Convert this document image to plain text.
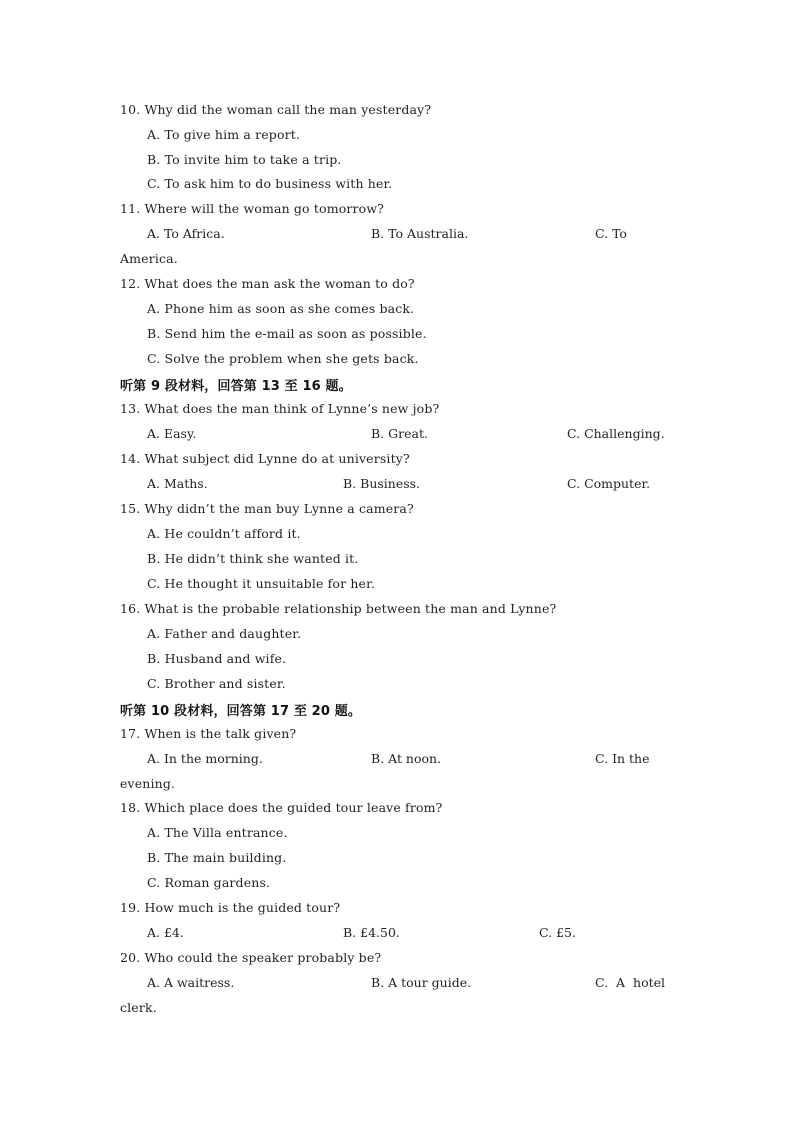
10. Why did the woman call the man yesterday?
A. To give him a report.
B. To invite him to take a trip.
C. To ask him to do business with her.
11. Where will the woman go tomorrow?
A. To Africa.	B. To Australia.	C. To
America.
12. What does the man ask the woman to do?
A. Phone him as soon as she comes back.
B. Send him the e-mail as soon as possible.
C. Solve the problem when she gets back.
听第 9 段材料，回答第 13 至 16 题。
13. What does the man think of Lynne’s new job?
A. Easy.	B. Great.	C. Challenging.
14. What subject did Lynne do at university?
A. Maths.	B. Business.	C. Computer.
15. Why didn’t the man buy Lynne a camera?
A. He couldn’t afford it.
B. He didn’t think she wanted it.
C. He thought it unsuitable for her.
16. What is the probable relationship between the man and Lynne?
A. Father and daughter.
B. Husband and wife.
C. Brother and sister.
听第 10 段材料，回答第 17 至 20 题。
17. When is the talk given?
A. In the morning.	B. At noon.	C. In the
evening.
18. Which place does the guided tour leave from?
A. The Villa entrance.
B. The main building.
C. Roman gardens.
19. How much is the guided tour?
A. £4.	B. £4.50.	C. £5.
20. Who could the speaker probably be?
A. A waitress.	B. A tour guide.	C.  A  hotel
clerk.
